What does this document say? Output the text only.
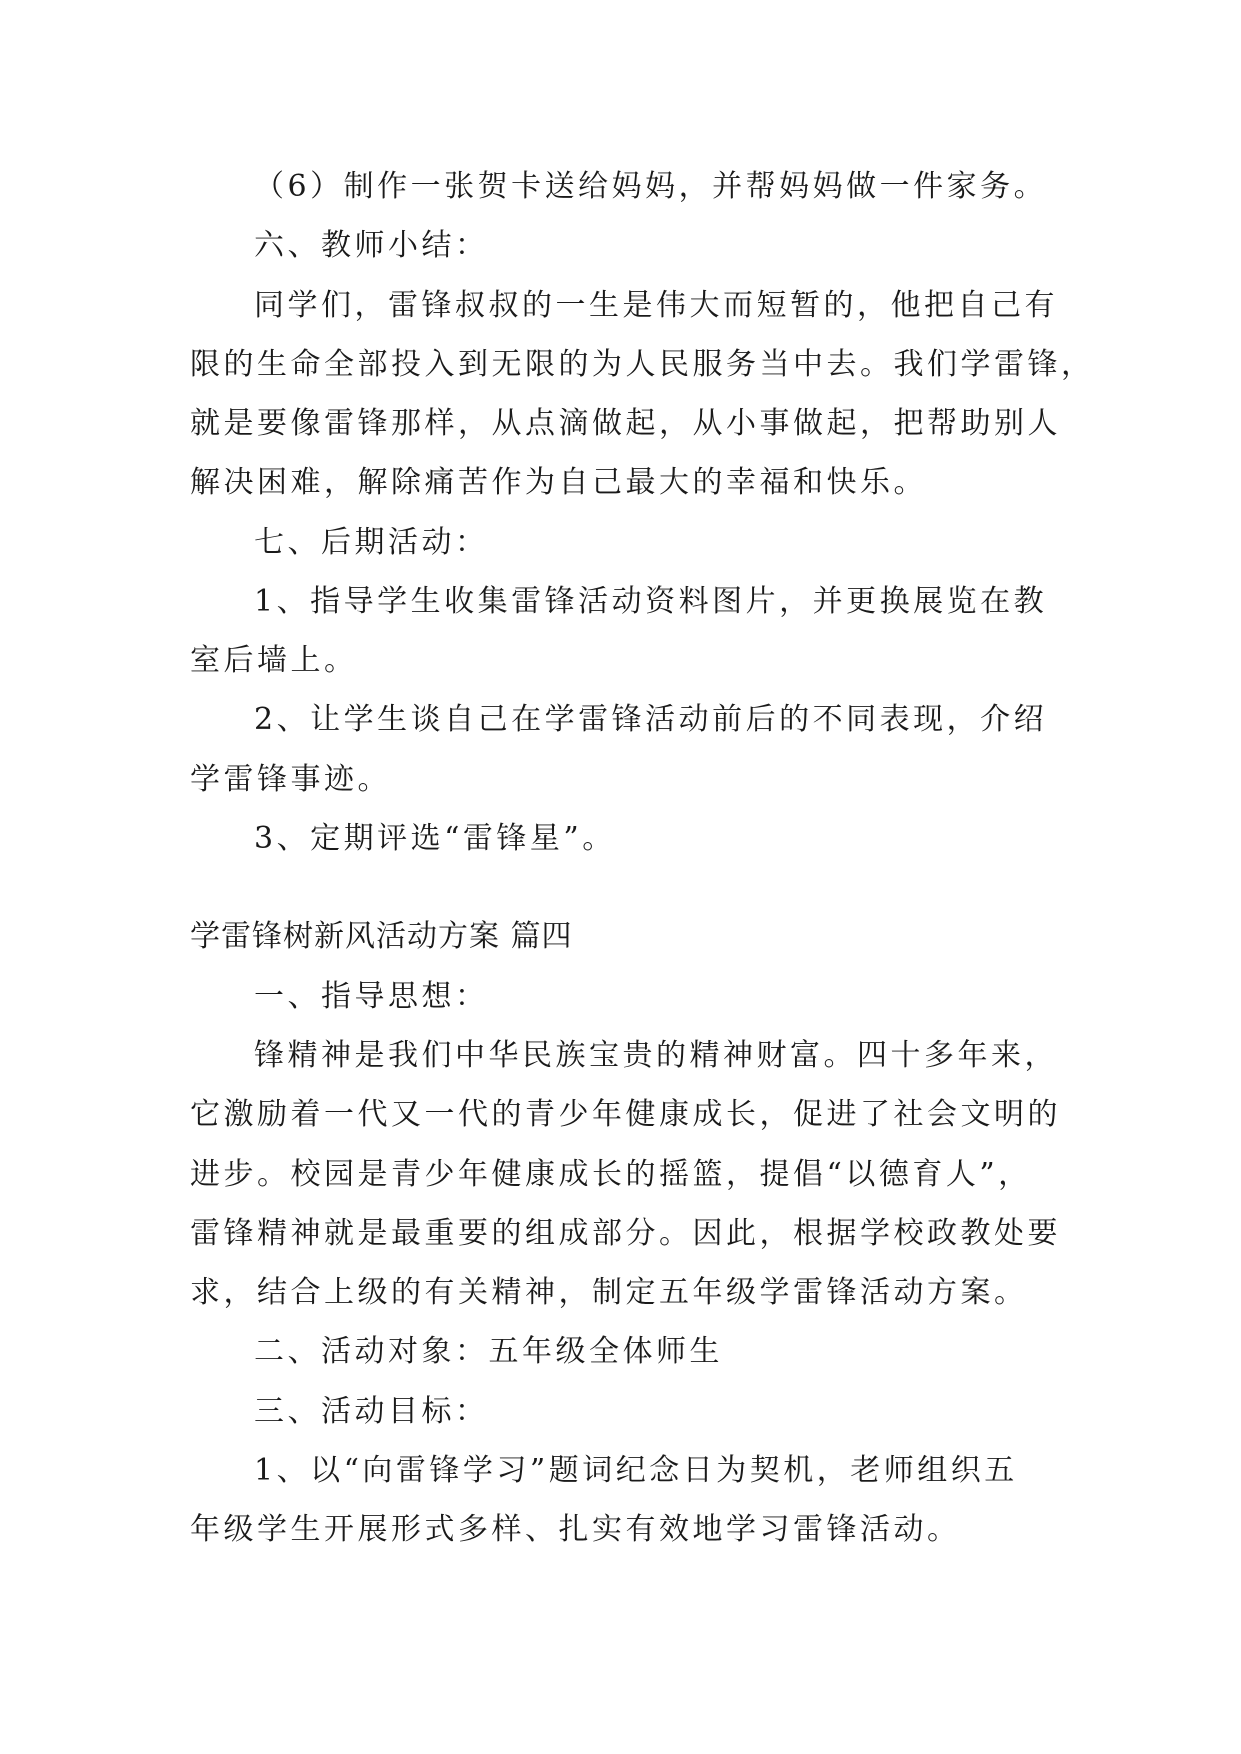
（6）制作一张贺卡送给妈妈，并帮妈妈做一件家务。
六、教师小结：
同学们，雷锋叔叔的一生是伟大而短暂的，他把自己有
限的生命全部投入到无限的为人民服务当中去。我们学雷锋，
就是要像雷锋那样，从点滴做起，从小事做起，把帮助别人
解决困难，解除痛苦作为自己最大的幸福和快乐。
七、后期活动：
1、指导学生收集雷锋活动资料图片，并更换展览在教
室后墙上。
2、让学生谈自己在学雷锋活动前后的不同表现，介绍
学雷锋事迹。
3、定期评选“雷锋星”。
学雷锋树新风活动方案 篇四
一、指导思想：
锋精神是我们中华民族宝贵的精神财富。四十多年来，
它激励着一代又一代的青少年健康成长，促进了社会文明的
进步。校园是青少年健康成长的摇篮，提倡“以德育人”，
雷锋精神就是最重要的组成部分。因此，根据学校政教处要
求，结合上级的有关精神，制定五年级学雷锋活动方案。
二、活动对象：五年级全体师生
三、活动目标：
1、以“向雷锋学习”题词纪念日为契机，老师组织五
年级学生开展形式多样、扎实有效地学习雷锋活动。
